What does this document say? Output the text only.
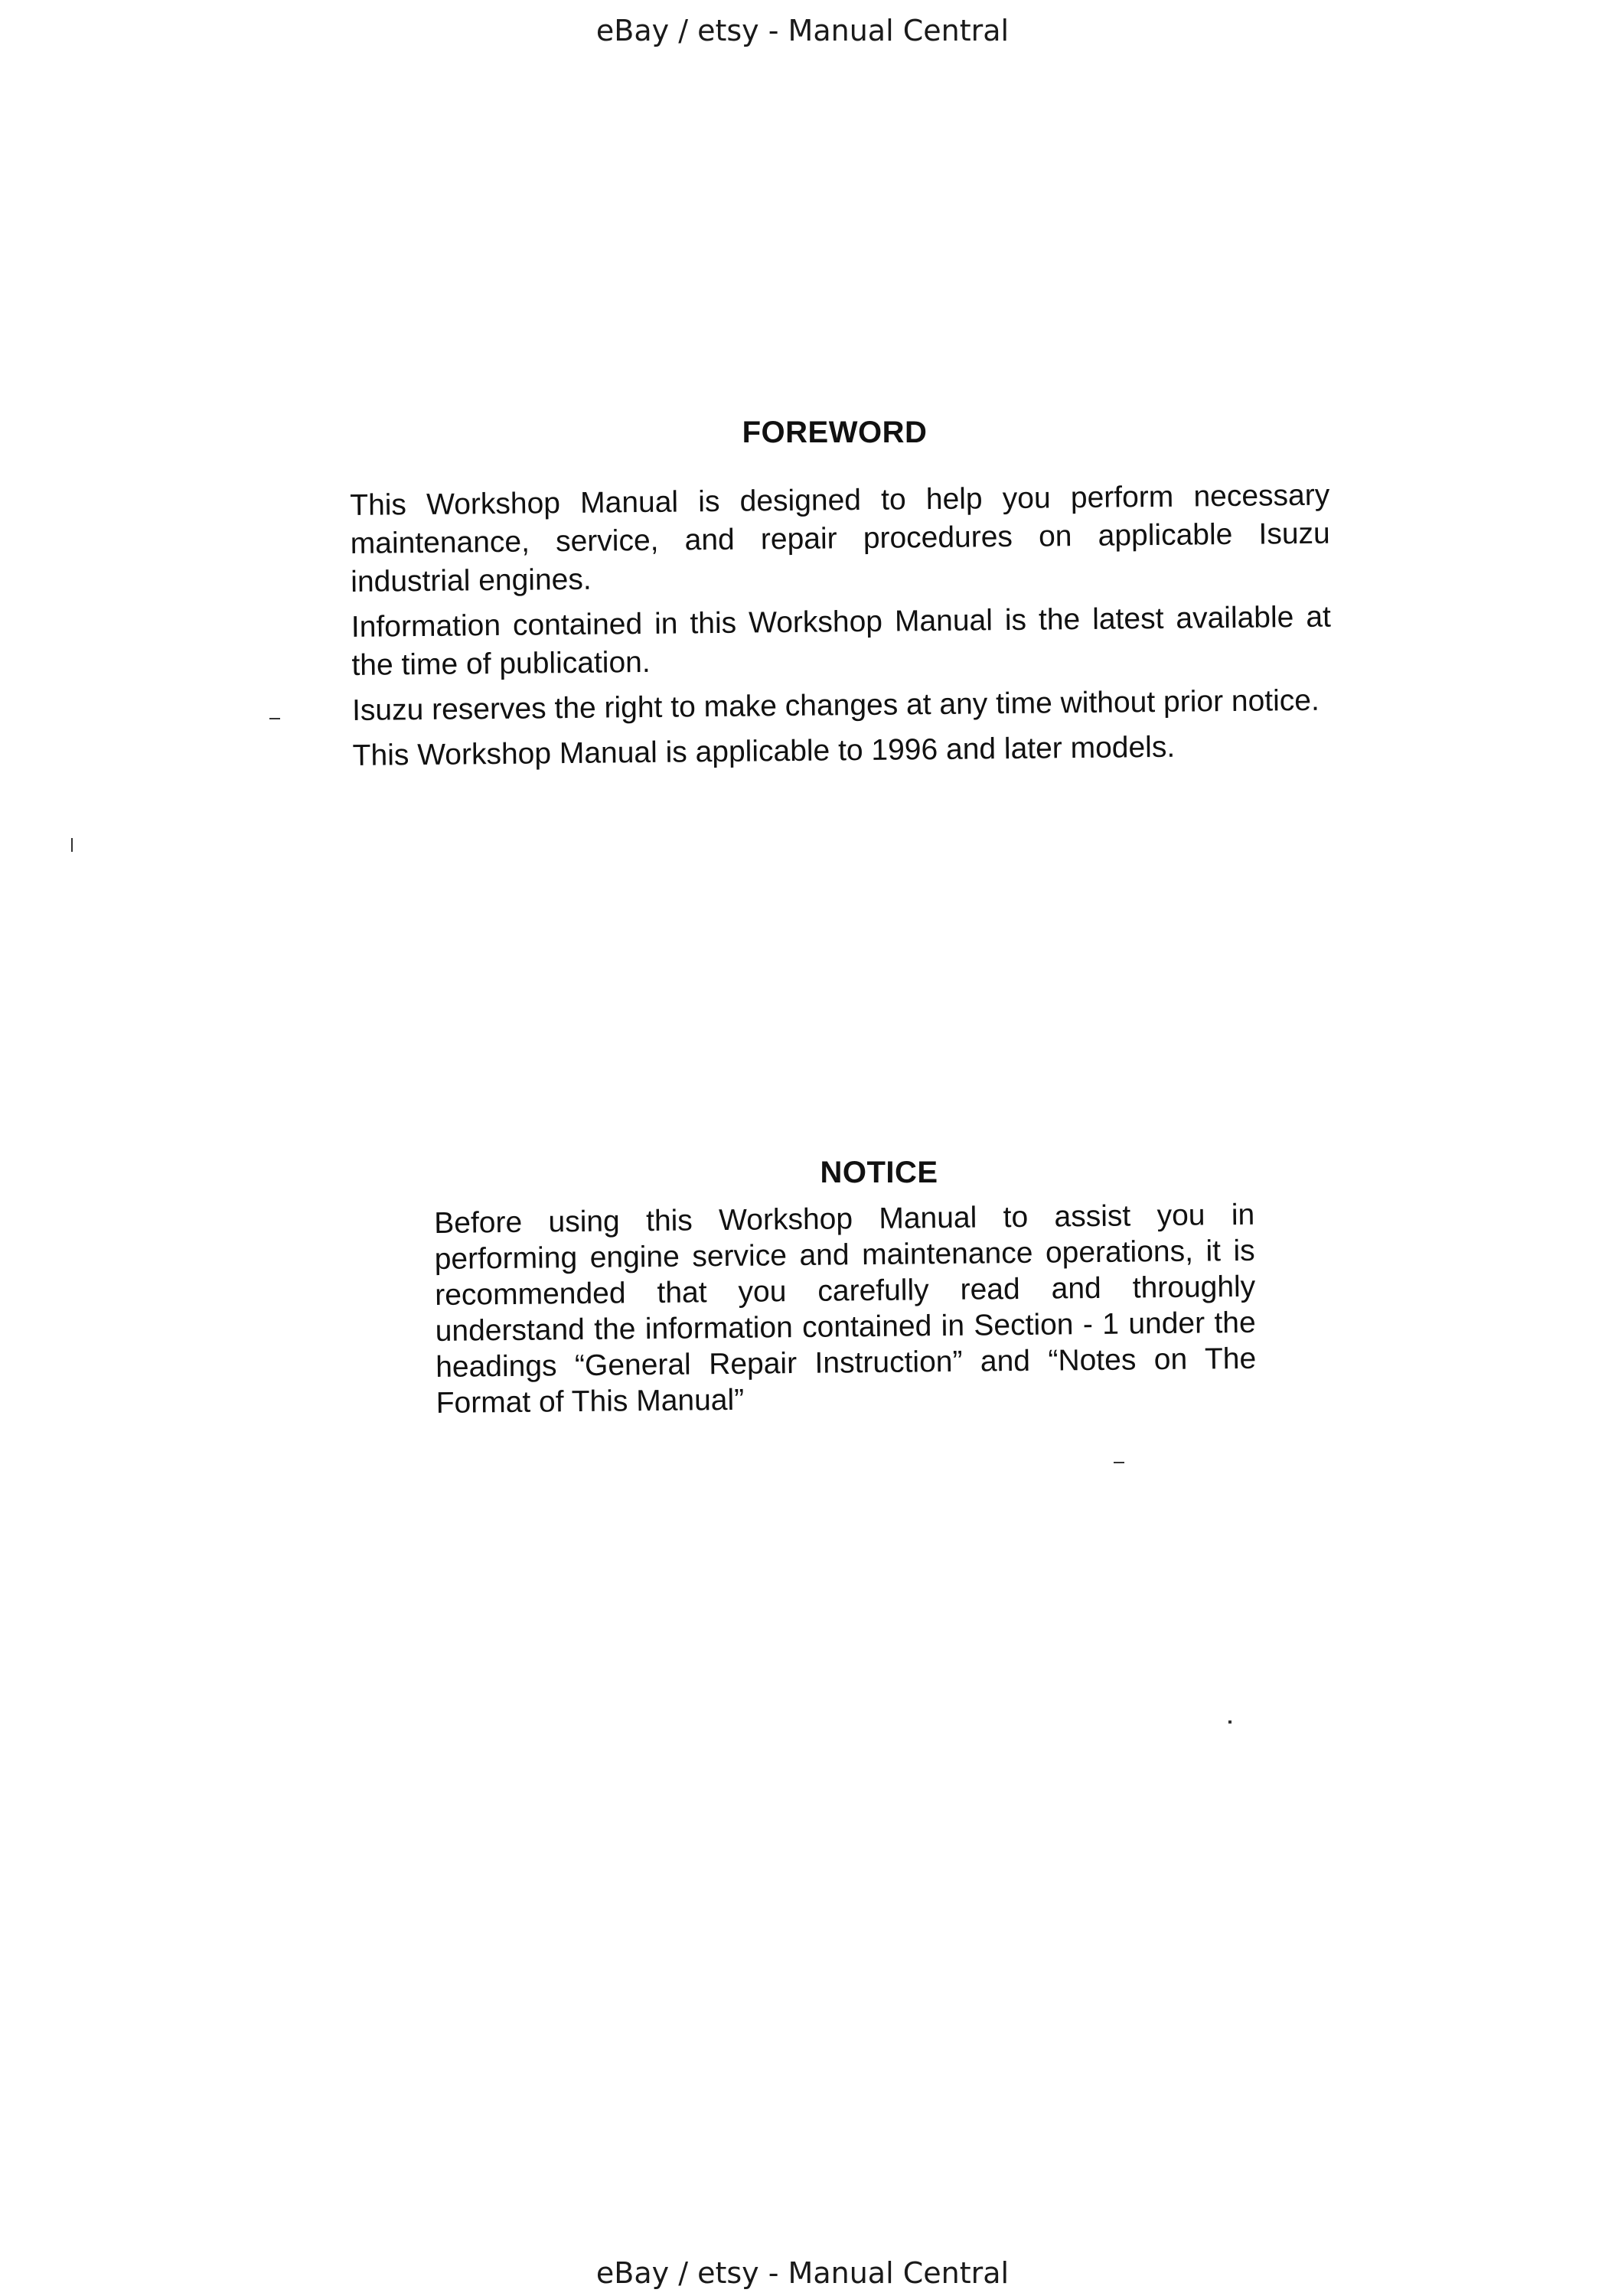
eBay / etsy - Manual Central
FOREWORD

This Workshop Manual is designed to help you perform necessary maintenance, service, and repair procedures on applicable Isuzu industrial engines.

Information contained in this Workshop Manual is the latest available at the time of publication.

Isuzu reserves the right to make changes at any time without prior notice.

This Workshop Manual is applicable to 1996 and later models.

NOTICE

Before using this Workshop Manual to assist you in performing engine service and maintenance operations, it is recommended that you carefully read and throughly understand the information contained in Section - 1 under the headings “General Repair Instruction” and “Notes on The Format of This Manual”

eBay / etsy - Manual Central
